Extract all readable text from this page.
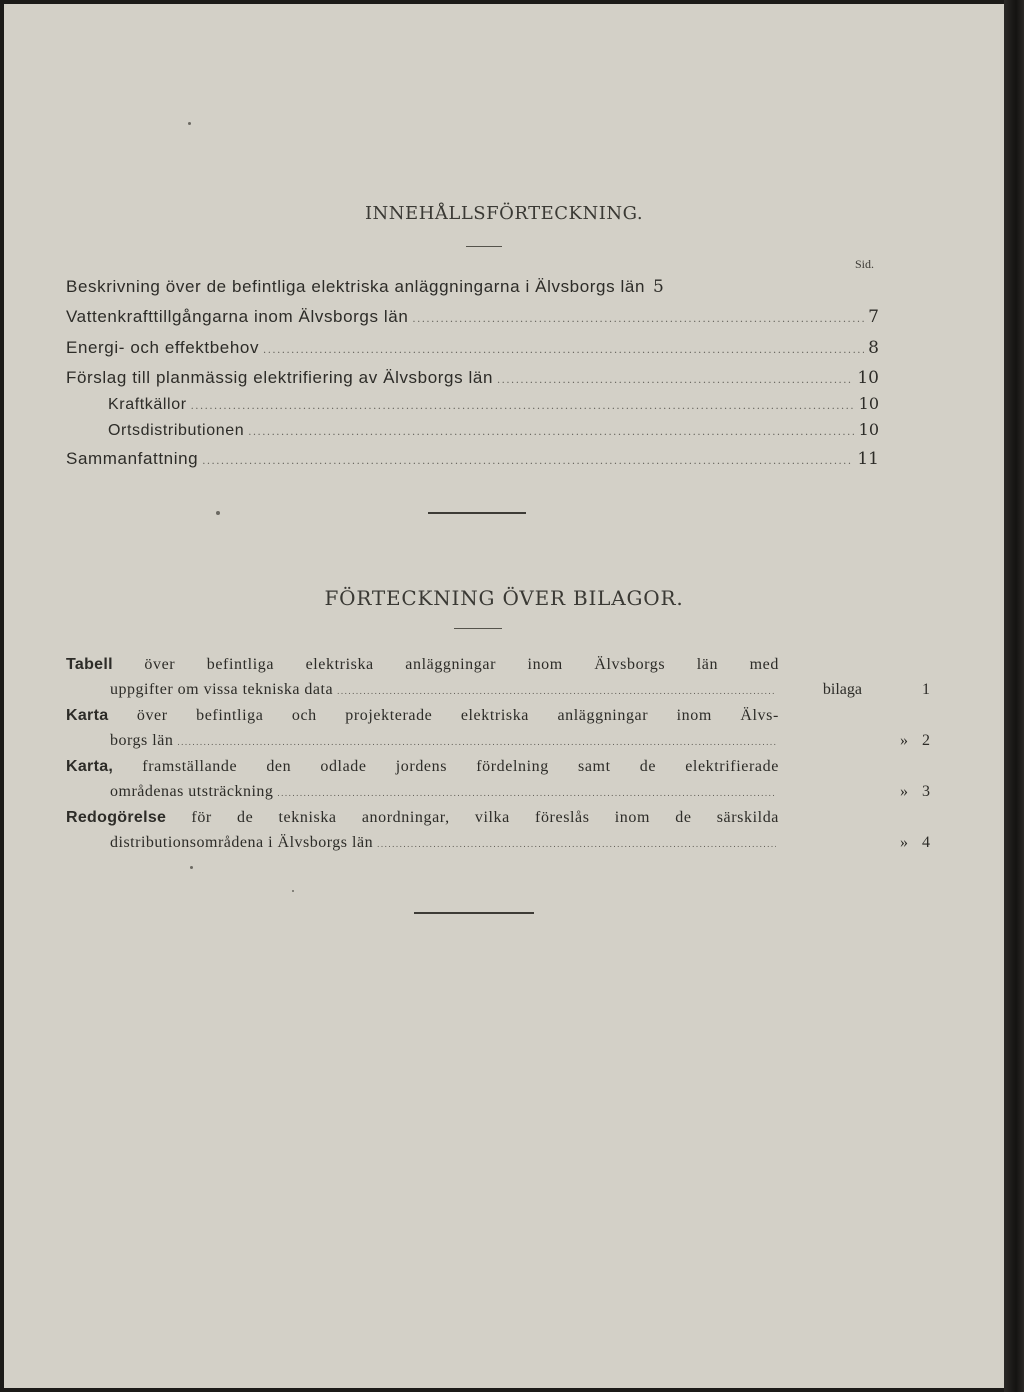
INNEHÅLLSFÖRTECKNING.
Sid.
Beskrivning över de befintliga elektriska anläggningarna i Älvsborgs län 5
Vattenkrafttillgångarna inom Älvsborgs län .....	7
Energi- och effektbehov .....	8
Förslag till planmässig elektrifiering av Älvsborgs län .....	10
Kraftkällor .....	10
Ortsdistributionen .....	10
Sammanfattning .....	11
FÖRTECKNING ÖVER BILAGOR.
Tabell över befintliga elektriska anläggningar inom Älvsborgs län med
uppgifter om vissa tekniska data .....	bilaga	1
Karta över befintliga och projekterade elektriska anläggningar inom Älvs-
borgs län .....	» 2
Karta, framställande den odlade jordens fördelning samt de elektrifierade
områdenas utsträckning .....	» 3
Redogörelse för de tekniska anordningar, vilka föreslås inom de särskilda
distributionsområdena i Älvsborgs län .....	» 4
